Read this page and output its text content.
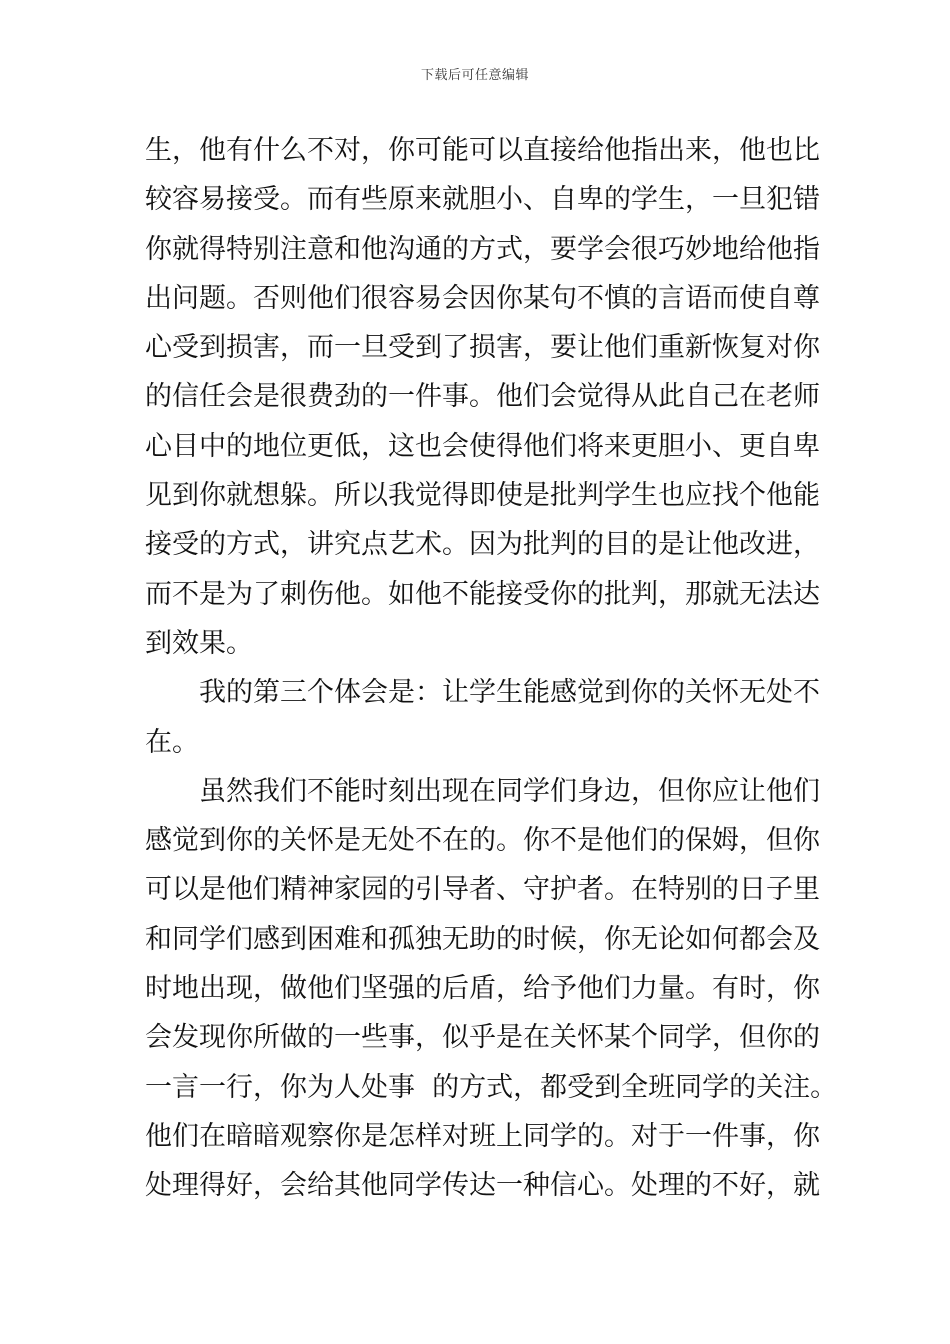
下载后可任意编辑
生，他有什么不对，你可能可以直接给他指出来，他也比
较容易接受。而有些原来就胆小、自卑的学生，一旦犯错
你就得特别注意和他沟通的方式，要学会很巧妙地给他指
出问题。否则他们很容易会因你某句不慎的言语而使自尊
心受到损害，而一旦受到了损害，要让他们重新恢复对你
的信任会是很费劲的一件事。他们会觉得从此自己在老师
心目中的地位更低，这也会使得他们将来更胆小、更自卑
见到你就想躲。所以我觉得即使是批判学生也应找个他能
接受的方式，讲究点艺术。因为批判的目的是让他改进，
而不是为了刺伤他。如他不能接受你的批判，那就无法达
到效果。
我的第三个体会是：让学生能感觉到你的关怀无处不
在。
虽然我们不能时刻出现在同学们身边，但你应让他们
感觉到你的关怀是无处不在的。你不是他们的保姆，但你
可以是他们精神家园的引导者、守护者。在特别的日子里
和同学们感到困难和孤独无助的时候，你无论如何都会及
时地出现，做他们坚强的后盾，给予他们力量。有时，你
会发现你所做的一些事，似乎是在关怀某个同学，但你的
一言一行，你为人处事  的方式，都受到全班同学的关注。
他们在暗暗观察你是怎样对班上同学的。对于一件事，你
处理得好，会给其他同学传达一种信心。处理的不好，就
